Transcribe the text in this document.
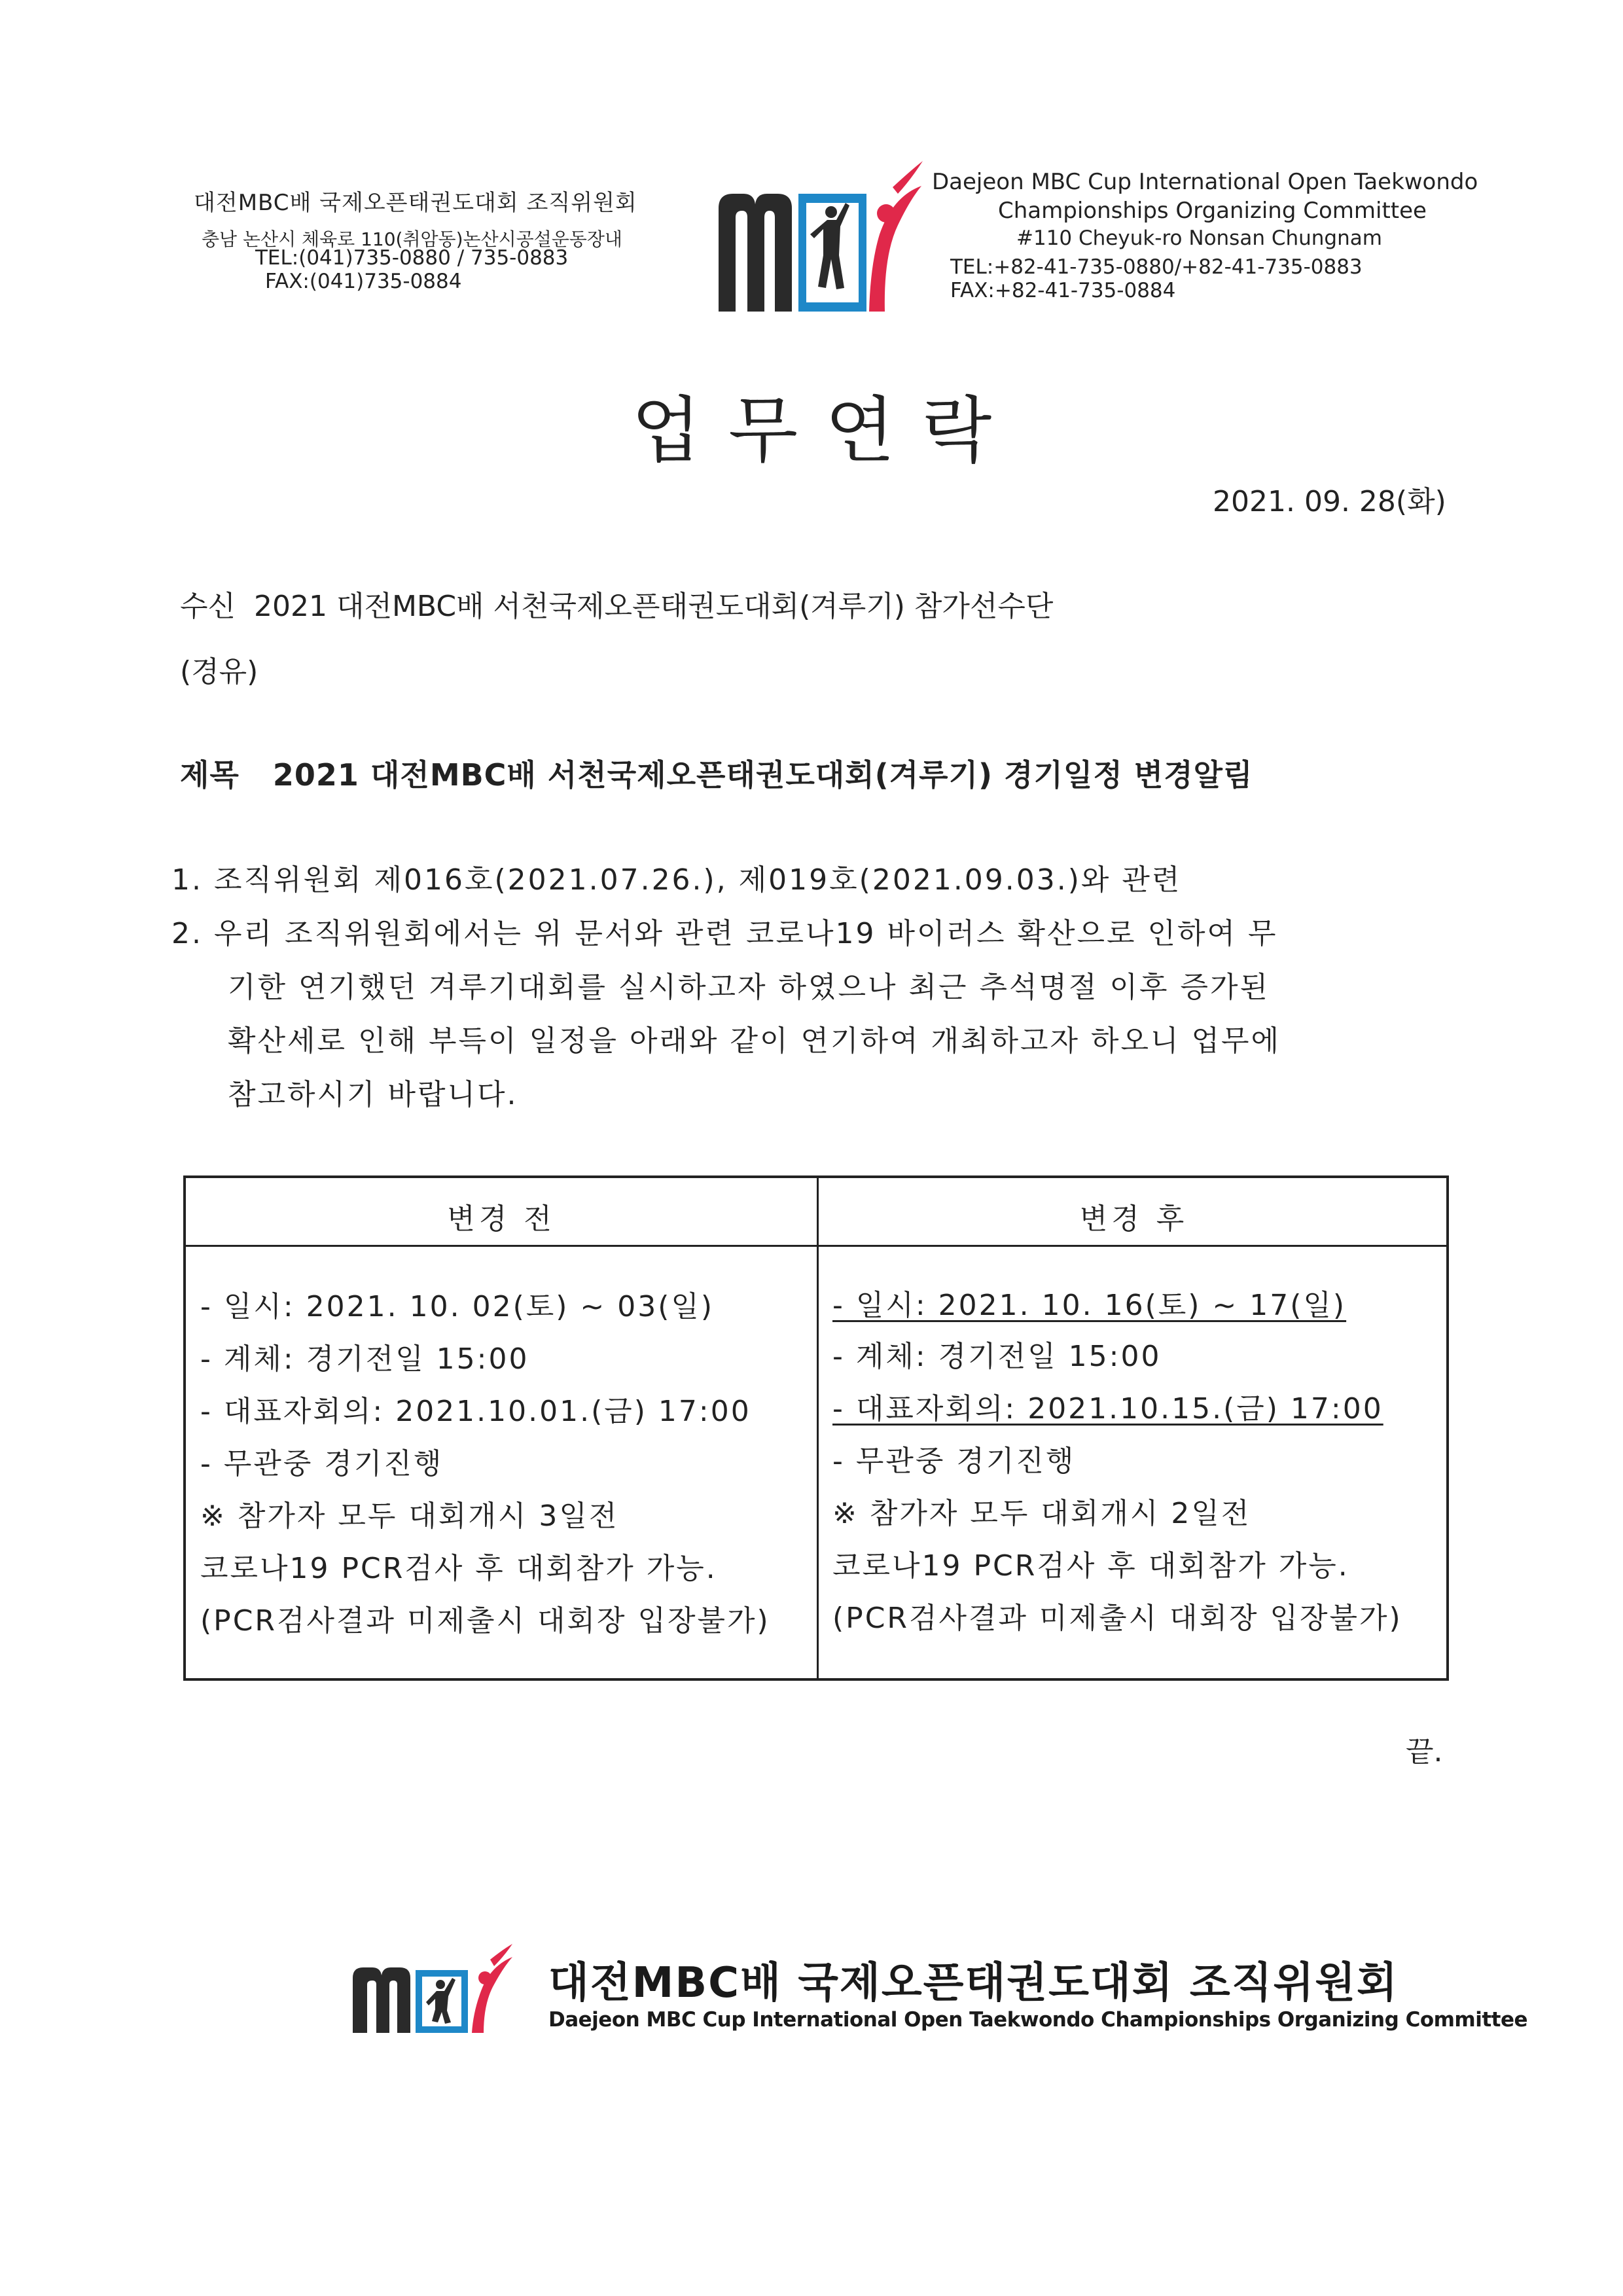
대전MBC배 국제오픈태권도대회 조직위원회
충남 논산시 체육로 110(취암동)논산시공설운동장내
TEL:(041)735-0880 / 735-0883
FAX:(041)735-0884
Daejeon MBC Cup International Open Taekwondo
Championships Organizing Committee
#110 Cheyuk-ro Nonsan Chungnam
TEL:+82-41-735-0880/+82-41-735-0883
FAX:+82-41-735-0884
업무연락
2021. 09. 28(화)
수신  2021 대전MBC배 서천국제오픈태권도대회(겨루기) 참가선수단
(경유)
제목   2021 대전MBC배 서천국제오픈태권도대회(겨루기) 경기일정 변경알림
1. 조직위원회 제016호(2021.07.26.), 제019호(2021.09.03.)와 관련
2. 우리 조직위원회에서는 위 문서와 관련 코로나19 바이러스 확산으로 인하여 무
기한 연기했던 겨루기대회를 실시하고자 하였으나 최근 추석명절 이후 증가된
확산세로 인해 부득이 일정을 아래와 같이 연기하여 개최하고자 하오니 업무에
참고하시기 바랍니다.
변경 전	변경 후
- 일시: 2021. 10. 02(토) ~ 03(일)
- 계체: 경기전일 15:00
- 대표자회의: 2021.10.01.(금) 17:00
- 무관중 경기진행
※ 참가자 모두 대회개시 3일전
코로나19 PCR검사 후 대회참가 가능.
(PCR검사결과 미제출시 대회장 입장불가)
- 일시: 2021. 10. 16(토) ~ 17(일)
- 계체: 경기전일 15:00
- 대표자회의: 2021.10.15.(금) 17:00
- 무관중 경기진행
※ 참가자 모두 대회개시 2일전
코로나19 PCR검사 후 대회참가 가능.
(PCR검사결과 미제출시 대회장 입장불가)
끝.
대전MBC배 국제오픈태권도대회 조직위원회
Daejeon MBC Cup International Open Taekwondo Championships Organizing Committee
